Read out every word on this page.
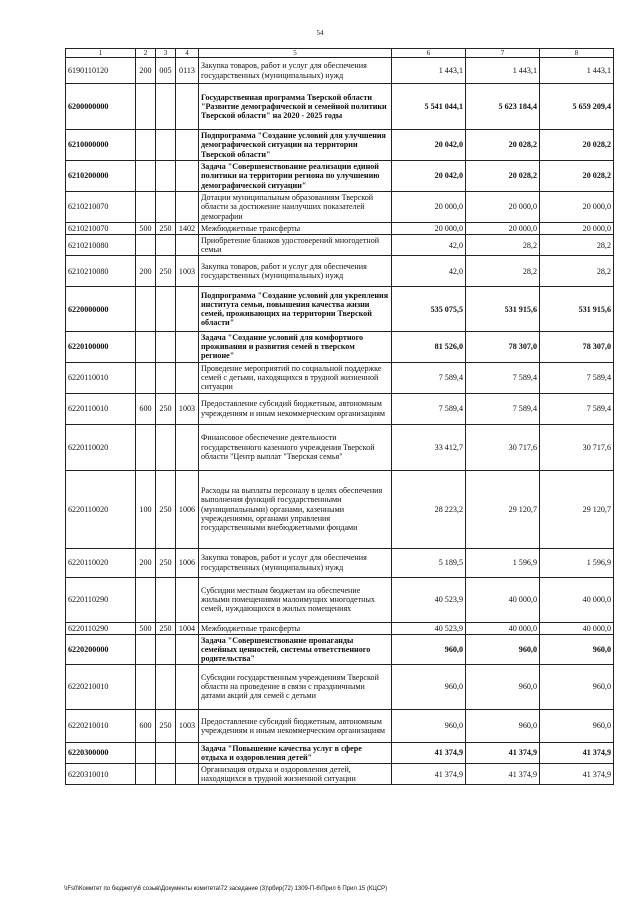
54
1	2	3	4	5	6	7	8
6190110120	200	005	0113	Закупка товаров, работ и услуг для обеспечения государственных (муниципальных) нужд	1 443,1	1 443,1	1 443,1
6200000000				Государственная программа Тверской области "Развитие демографической и семейной политики Тверской области" на 2020 - 2025 годы	5 541 044,1	5 623 184,4	5 659 209,4
6210000000				Подпрограмма "Создание условий для улучшения демографической ситуации на территории Тверской области"	20 042,0	20 028,2	20 028,2
6210200000				Задача "Совершенствование реализации единой политики на территории региона по улучшению демографической ситуации"	20 042,0	20 028,2	20 028,2
6210210070				Дотации муниципальным образованиям Тверской области за достижение наилучших показателей демографии	20 000,0	20 000,0	20 000,0
6210210070	500	250	1402	Межбюджетные трансферты	20 000,0	20 000,0	20 000,0
6210210080				Приобретение бланков удостоверений многодетной семьи	42,0	28,2	28,2
6210210080	200	250	1003	Закупка товаров, работ и услуг для обеспечения государственных (муниципальных) нужд	42,0	28,2	28,2
6220000000				Подпрограмма "Создание условий для укрепления института семьи, повышения качества жизни семей, проживающих на территории Тверской области"	535 075,5	531 915,6	531 915,6
6220100000				Задача "Создание условий для комфортного проживания и развития семей в тверском регионе"	81 526,0	78 307,0	78 307,0
6220110010				Проведение мероприятий по социальной поддержке семей с детьми, находящихся в трудной жизненной ситуации	7 589,4	7 589,4	7 589,4
6220110010	600	250	1003	Предоставление субсидий бюджетным, автономным учреждениям и иным некоммерческим организациям	7 589,4	7 589,4	7 589,4
6220110020				Финансовое обеспечение деятельности государственного казенного учреждения Тверской области "Центр выплат "Тверская семья"	33 412,7	30 717,6	30 717,6
6220110020	100	250	1006	Расходы на выплаты персоналу в целях обеспечения выполнения функций государственными (муниципальными) органами, казенными учреждениями, органами управления государственными внебюджетными фондами	28 223,2	29 120,7	29 120,7
6220110020	200	250	1006	Закупка товаров, работ и услуг для обеспечения государственных (муниципальных) нужд	5 189,5	1 596,9	1 596,9
6220110290				Субсидии местным бюджетам на обеспечение жилыми помещениями малоимущих многодетных семей, нуждающихся в жилых помещениях	40 523,9	40 000,0	40 000,0
6220110290	500	250	1004	Межбюджетные трансферты	40 523,9	40 000,0	40 000,0
6220200000				Задача "Совершенствование пропаганды семейных ценностей, системы ответственного родительства"	960,0	960,0	960,0
6220210010				Субсидии государственным учреждениям Тверской области на проведение в связи с праздничными датами акций для семей с детьми	960,0	960,0	960,0
6220210010	600	250	1003	Предоставление субсидий бюджетным, автономным учреждениям и иным некоммерческим организациям	960,0	960,0	960,0
6220300000				Задача "Повышение качества услуг в сфере отдыха и оздоровления детей"	41 374,9	41 374,9	41 374,9
6220310010				Организация отдыха и оздоровления детей, находящихся в трудной жизненной ситуации	41 374,9	41 374,9	41 374,9
\\Fs0\Комитет по бюджету\6 созыв\Документы комитета\72 заседание (3)\рбир(72) 1309-П-6\Прил 6 Прил 15 (КЦСР)
